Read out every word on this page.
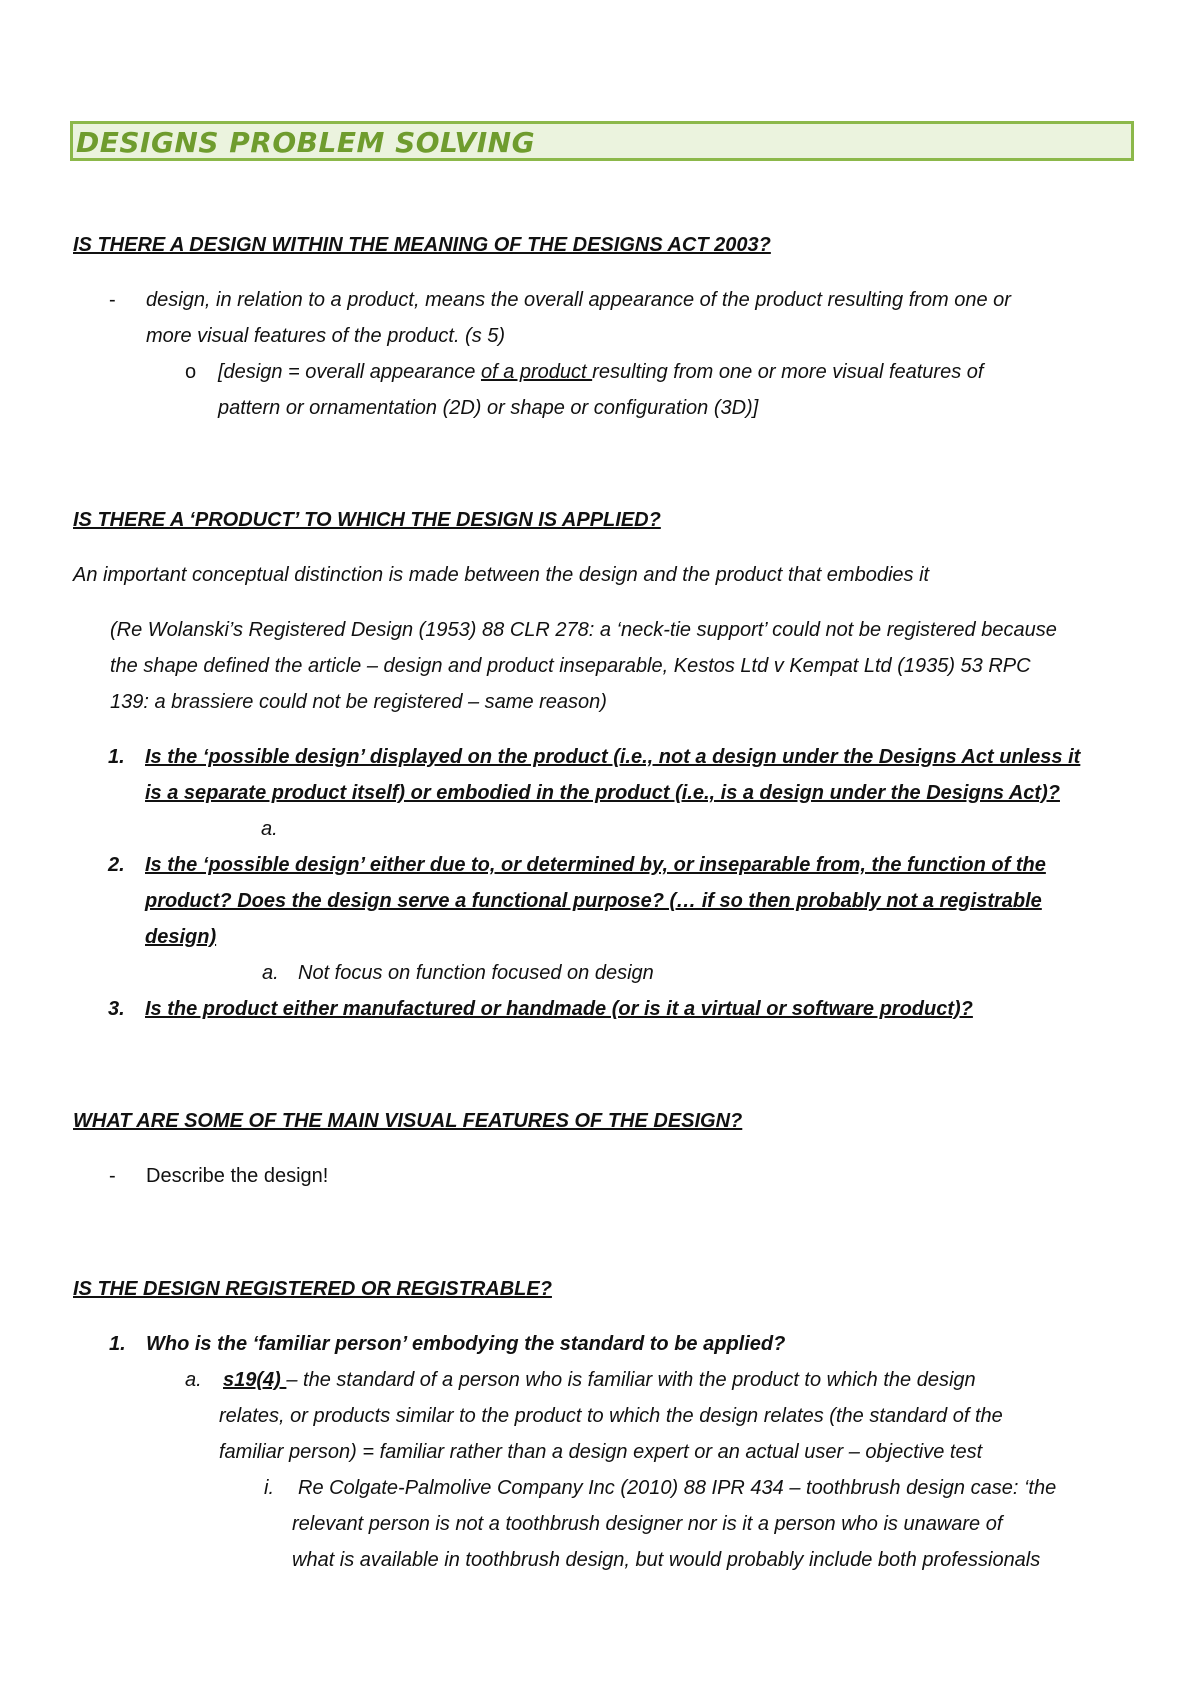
DESIGNS PROBLEM SOLVING
IS THERE A DESIGN WITHIN THE MEANING OF THE DESIGNS ACT 2003?
- design, in relation to a product, means the overall appearance of the product resulting from one or
more visual features of the product. (s 5)
o [design = overall appearance of a product resulting from one or more visual features of
pattern or ornamentation (2D) or shape or configuration (3D)]
IS THERE A ‘PRODUCT’ TO WHICH THE DESIGN IS APPLIED?
An important conceptual distinction is made between the design and the product that embodies it
(Re Wolanski’s Registered Design (1953) 88 CLR 278: a ‘neck-tie support’ could not be registered because
the shape defined the article – design and product inseparable, Kestos Ltd v Kempat Ltd (1935) 53 RPC
139: a brassiere could not be registered – same reason)
1. Is the ‘possible design’ displayed on the product (i.e., not a design under the Designs Act unless it
is a separate product itself) or embodied in the product (i.e., is a design under the Designs Act)?
a.
2. Is the ‘possible design’ either due to, or determined by, or inseparable from, the function of the
product? Does the design serve a functional purpose? (… if so then probably not a registrable
design)
a. Not focus on function focused on design
3. Is the product either manufactured or handmade (or is it a virtual or software product)?
WHAT ARE SOME OF THE MAIN VISUAL FEATURES OF THE DESIGN?
- Describe the design!
IS THE DESIGN REGISTERED OR REGISTRABLE?
1. Who is the ‘familiar person’ embodying the standard to be applied?
a. s19(4) – the standard of a person who is familiar with the product to which the design
relates, or products similar to the product to which the design relates (the standard of the
familiar person) = familiar rather than a design expert or an actual user – objective test
i. Re Colgate-Palmolive Company Inc (2010) 88 IPR 434 – toothbrush design case: ‘the
relevant person is not a toothbrush designer nor is it a person who is unaware of
what is available in toothbrush design, but would probably include both professionals
